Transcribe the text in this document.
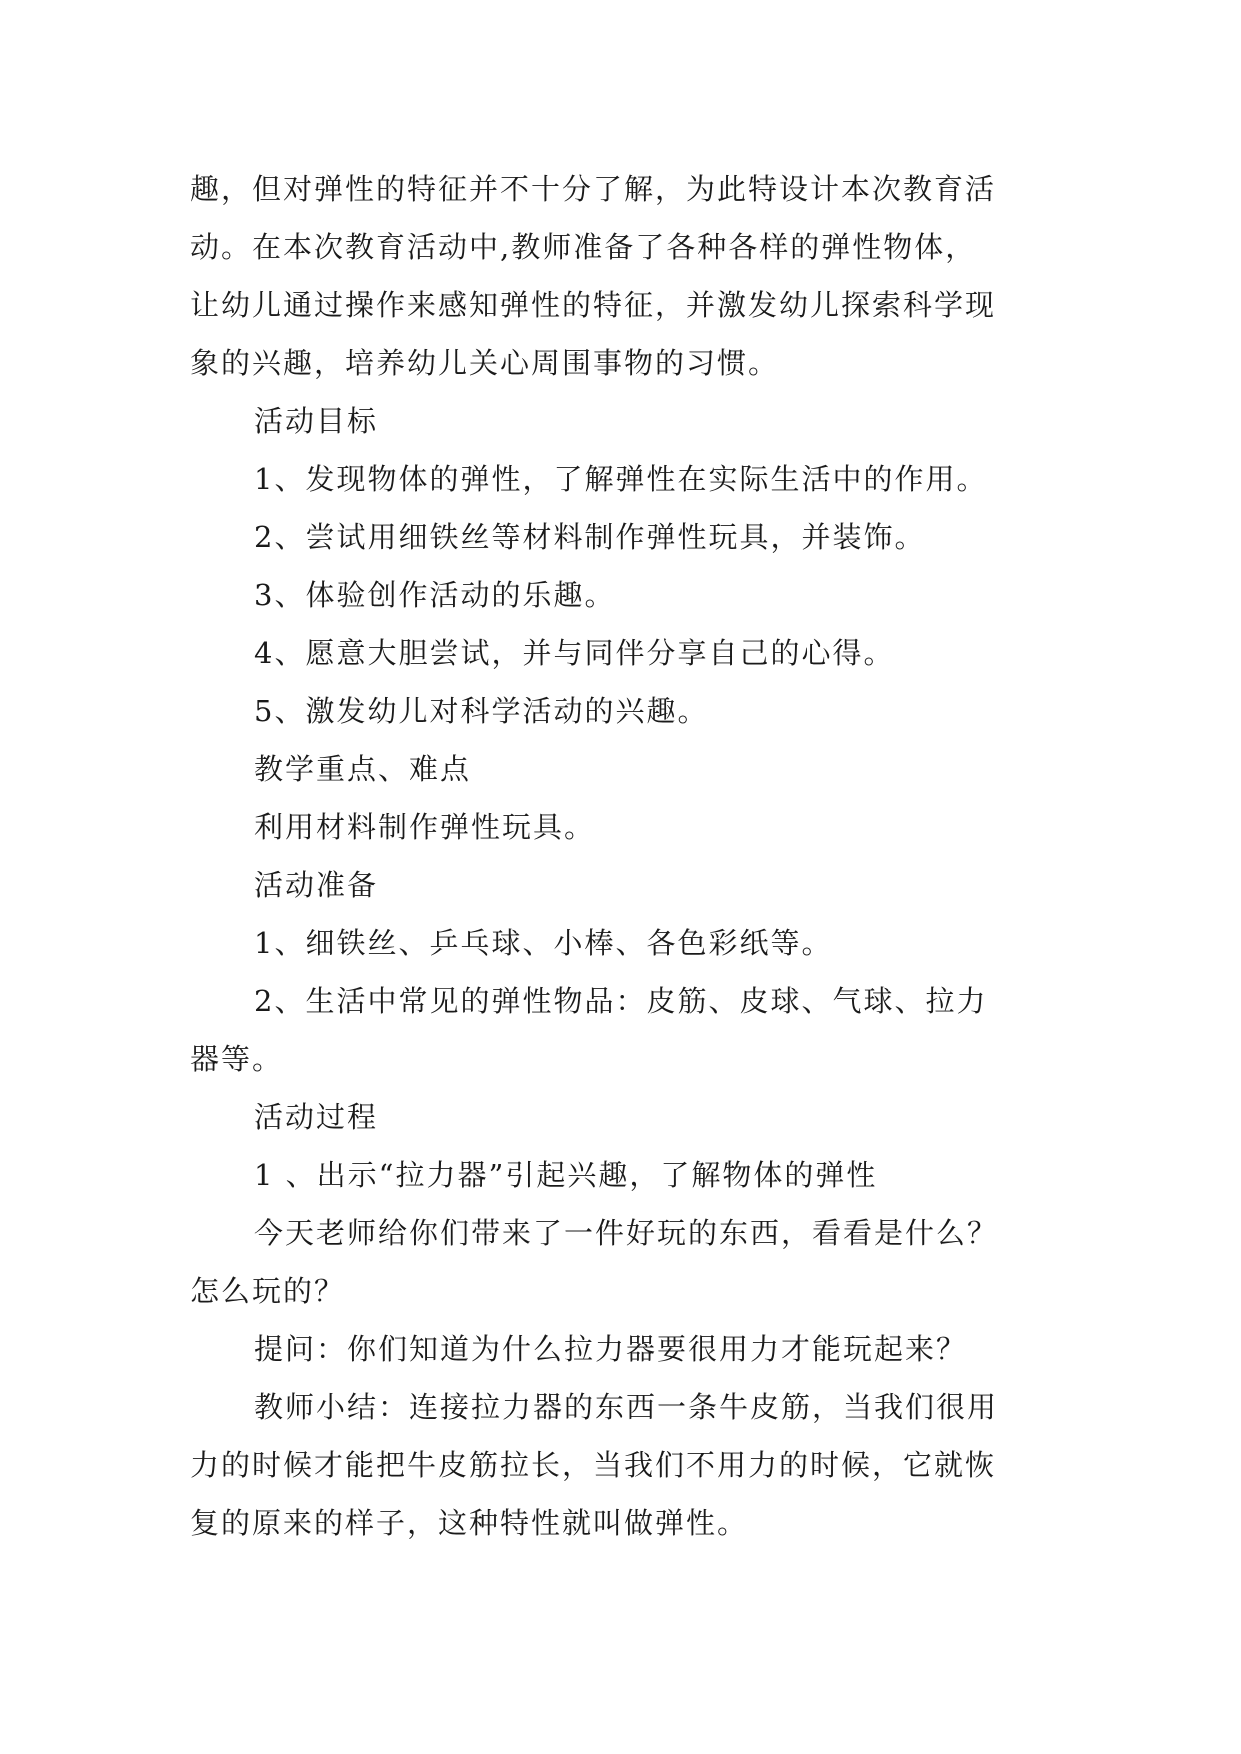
趣，但对弹性的特征并不十分了解，为此特设计本次教育活
动。在本次教育活动中,教师准备了各种各样的弹性物体，
让幼儿通过操作来感知弹性的特征，并激发幼儿探索科学现
象的兴趣，培养幼儿关心周围事物的习惯。
活动目标
1、发现物体的弹性，了解弹性在实际生活中的作用。
2、尝试用细铁丝等材料制作弹性玩具，并装饰。
3、体验创作活动的乐趣。
4、愿意大胆尝试，并与同伴分享自己的心得。
5、激发幼儿对科学活动的兴趣。
教学重点、难点
利用材料制作弹性玩具。
活动准备
1、细铁丝、乒乓球、小棒、各色彩纸等。
2、生活中常见的弹性物品：皮筋、皮球、气球、拉力
器等。
活动过程
1 、出示“拉力器”引起兴趣，了解物体的弹性
今天老师给你们带来了一件好玩的东西，看看是什么？
怎么玩的？
提问：你们知道为什么拉力器要很用力才能玩起来？
教师小结：连接拉力器的东西一条牛皮筋，当我们很用
力的时候才能把牛皮筋拉长，当我们不用力的时候，它就恢
复的原来的样子，这种特性就叫做弹性。
